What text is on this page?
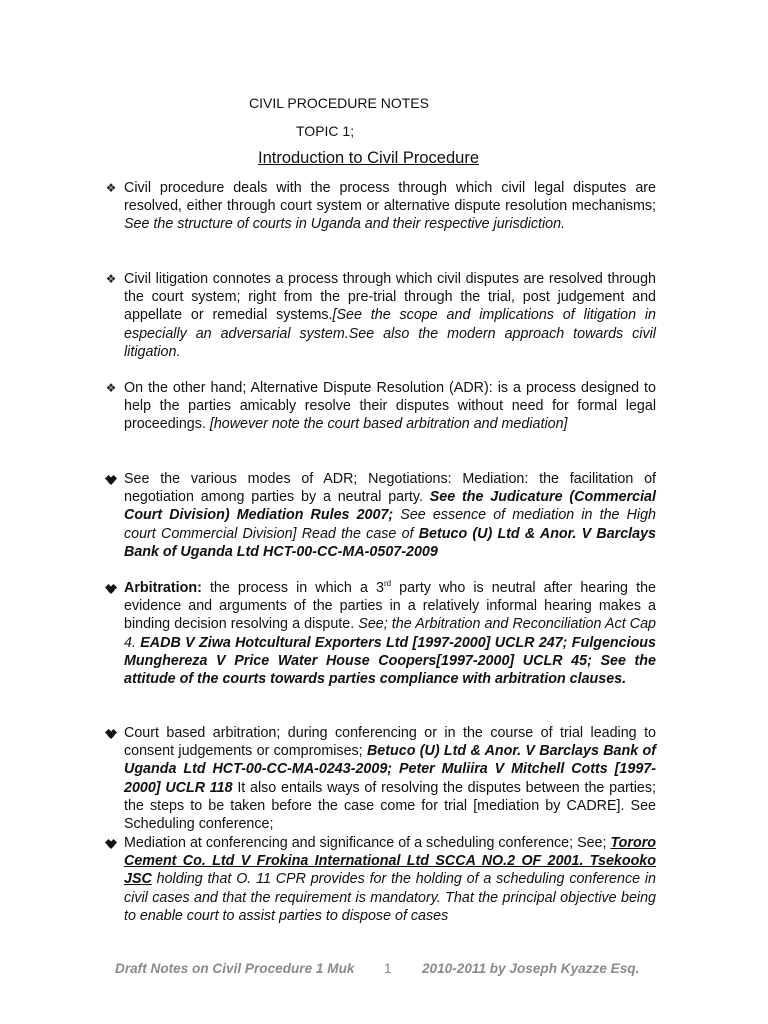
CIVIL PROCEDURE NOTES
TOPIC 1;
Introduction to Civil Procedure
❖ Civil procedure deals with the process through which civil legal disputes are resolved, either through court system or alternative dispute resolution mechanisms; See the structure of courts in Uganda and their respective jurisdiction.
❖ Civil litigation connotes a process through which civil disputes are resolved through the court system; right from the pre-trial through the trial, post judgement and appellate or remedial systems.[See the scope and implications of litigation in especially an adversarial system.See also the modern approach towards civil litigation.
❖ On the other hand; Alternative Dispute Resolution (ADR): is a process designed to help the parties amicably resolve their disputes without need for formal legal proceedings. [however note the court based arbitration and mediation]
See the various modes of ADR; Negotiations: Mediation: the facilitation of negotiation among parties by a neutral party. See the Judicature (Commercial Court Division) Mediation Rules 2007; See essence of mediation in the High court Commercial Division] Read the case of Betuco (U) Ltd & Anor. V Barclays Bank of Uganda Ltd HCT-00-CC-MA-0507-2009
Arbitration: the process in which a 3rd party who is neutral after hearing the evidence and arguments of the parties in a relatively informal hearing makes a binding decision resolving a dispute. See; the Arbitration and Reconciliation Act Cap 4. EADB V Ziwa Hotcultural Exporters Ltd [1997-2000] UCLR 247; Fulgencious Munghereza V Price Water House Coopers[1997-2000] UCLR 45; See the attitude of the courts towards parties compliance with arbitration clauses.
Court based arbitration; during conferencing or in the course of trial leading to consent judgements or compromises; Betuco (U) Ltd & Anor. V Barclays Bank of Uganda Ltd HCT-00-CC-MA-0243-2009; Peter Muliira V Mitchell Cotts [1997-2000] UCLR 118 It also entails ways of resolving the disputes between the parties; the steps to be taken before the case come for trial [mediation by CADRE]. See Scheduling conference;
Mediation at conferencing and significance of a scheduling conference; See; Tororo Cement Co. Ltd V Frokina International Ltd SCCA NO.2 OF 2001. Tsekooko JSC holding that O. 11 CPR provides for the holding of a scheduling conference in civil cases and that the requirement is mandatory. That the principal objective being to enable court to assist parties to dispose of cases
Draft Notes on Civil Procedure 1 Muk 1 2010-2011 by Joseph Kyazze Esq.
